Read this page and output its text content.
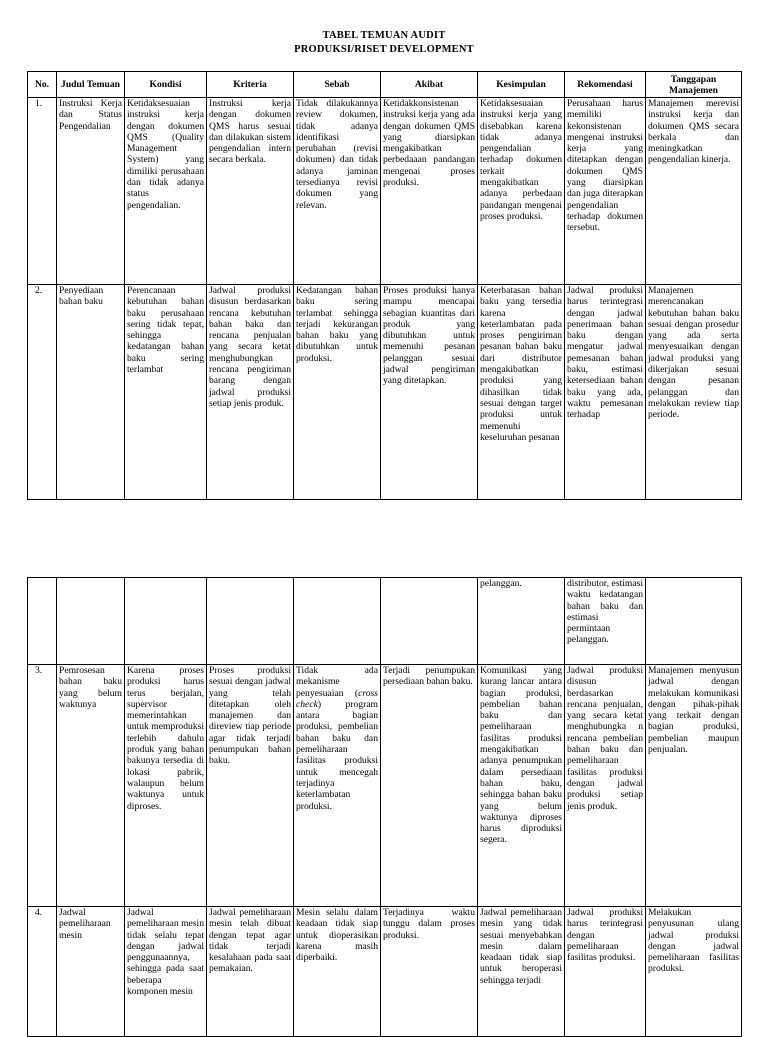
TABEL TEMUAN AUDIT
PRODUKSI/RISET DEVELOPMENT
No.	Judul Temuan	Kondisi	Kriteria	Sebab	Akibat	Kesimpulan	Rekomendasi	Tanggapan Manajemen
1.	Instruksi Kerja dan Status Pengendalian	Ketidaksesuaian instruksi kerja dengan dokumen QMS (Quality Management System) yang dimiliki perusahaan dan tidak adanya status pengendalian.	Instruksi kerja dengan dokumen QMS harus sesuai dan dilakukan sistem pengendalian intern secara berkala.	Tidak dilakukannya review dokumen, tidak adanya identifikasi perubahan (revisi dokumen) dan tidak adanya jaminan tersedianya revisi dokumen yang relevan.	Ketidakkonsistenan instruksi kerja yang ada dengan dokumen QMS yang diarsipkan mengakibatkan perbedaaan pandangan mengenai proses produksi.	Ketidaksesuaian instruksi kerja yang disebabkan karena tidak adanya pengendalian terhadap dokumen terkait mengakibatkan adanya perbedaan pandangan mengenai proses produksi.	Perusahaan harus memiliki kekonsistenan mengenai instruksi kerja yang ditetapkan dengan dokumen QMS yang diarsipkan dan juga diterapkan pengendalian terhadap dokumen tersebut.	Manajemen merevisi instruksi kerja dan dokumen QMS secara berkala dan meningkatkan pengendalian kinerja.
2.	Penyediaan bahan baku	Perencanaan kebutuhan bahan baku perusahaan sering tidak tepat, sehingga kedatangan bahan baku sering terlambat	Jadwal produksi disusun berdasarkan rencana kebutuhan bahan baku dan rencana penjualan yang secara ketat menghubungkan rencana pengiriman barang dengan jadwal produksi setiap jenis produk.	Kedatangan bahan baku sering terlambat sehingga terjadi kekurangan bahan baku yang dibutuhkan untuk produksi.	Proses produksi hanya mampu mencapai sebagian kuantitas dari produk yang dibutuhkan untuk memenuhi pesanan pelanggan sesuai jadwal pengiriman yang ditetapkan.	Keterbatasan bahan baku yang tersedia karena keterlambatan pada proses pengiriman pesanan bahan baku dari distributor mengakibatkan produksi yang dihasilkan tidak sesuai dengan target produksi untuk memenuhi keseluruhan pesanan	Jadwal produksi harus terintegrasi dengan jadwal penerimaan bahan baku dengan mengatur jadwal pemesanan bahan baku, estimasi ketersediaan bahan baku yang ada, waktu pemesanan terhadap	Manajemen merencanakan kebutuhan bahan baku sesuai dengan prosedur yang ada serta menyesuaikan dengan jadwal produksi yang dikerjakan sesuai dengan pesanan pelanggan dan melakukan review tiap periode.
						pelanggan.	distributor, estimasi waktu kedatangan bahan baku dan estimasi permintaan pelanggan.	
3.	Pemrosesan bahan baku yang belum waktunya	Karena proses produksi harus terus berjalan, supervisor memerintahkan untuk memproduksi terlebih dahulu produk yang bahan bakunya tersedia di lokasi pabrik, walaupun belum waktunya untuk diproses.	Proses produksi sesuai dengan jadwal yang telah ditetapkan oleh manajemen dan direview tiap periode agar tidak terjadi penumpukan bahan baku.	Tidak ada mekanisme penyesuaian (cross check) program antara bagian produksi, pembelian bahan baku dan pemeliharaan fasilitas produksi untuk mencegah terjadinya keterlambatan produksi.	Terjadi penumpukan persediaan bahan baku.	Komunikasi yang kurang lancar antara bagian produksi, pembelian bahan baku dan pemeliharaan fasilitas produksi mengakibatkan adanya penumpukan dalam persediaan bahan baku, sehingga bahan baku yang belum waktunya diproses harus diproduksi segera.	Jadwal produksi disusun berdasarkan rencana penjualan, yang secara ketat menghubungka n rencana pembelian bahan baku dan pemeliharaan fasilitas produksi dengan jadwal produksi setiap jenis produk.	Manajemen menyusun jadwal dengan melakukan komunikasi dengan pihak-pihak yang terkait dengan bagian produksi, pembelian maupun penjualan.
4.	Jadwal pemeliharaan mesin	Jadwal pemeliharaan mesin tidak selalu tepat dengan jadwal penggunaannya, sehingga pada saat beberapa komponen mesin	Jadwal pemeliharaan mesin telah dibuat dengan tepat agar tidak terjadi kesalahaan pada saat pemakaian.	Mesin selalu dalam keadaan tidak siap untuk dioperasikan karena masih diperbaiki.	Terjadinya waktu tunggu dalam proses produksi.	Jadwal pemeliharaan mesin yang tidak sesuai menyebabkan mesin dalam keadaan tidak siap untuk beroperasi sehingga terjadi	Jadwal produksi harus terintegrasi dengan pemeliharaan fasilitas produksi.	Melakukan penyusunan ulang jadwal produksi dengan jadwal pemeliharaan fasilitas produksi.
